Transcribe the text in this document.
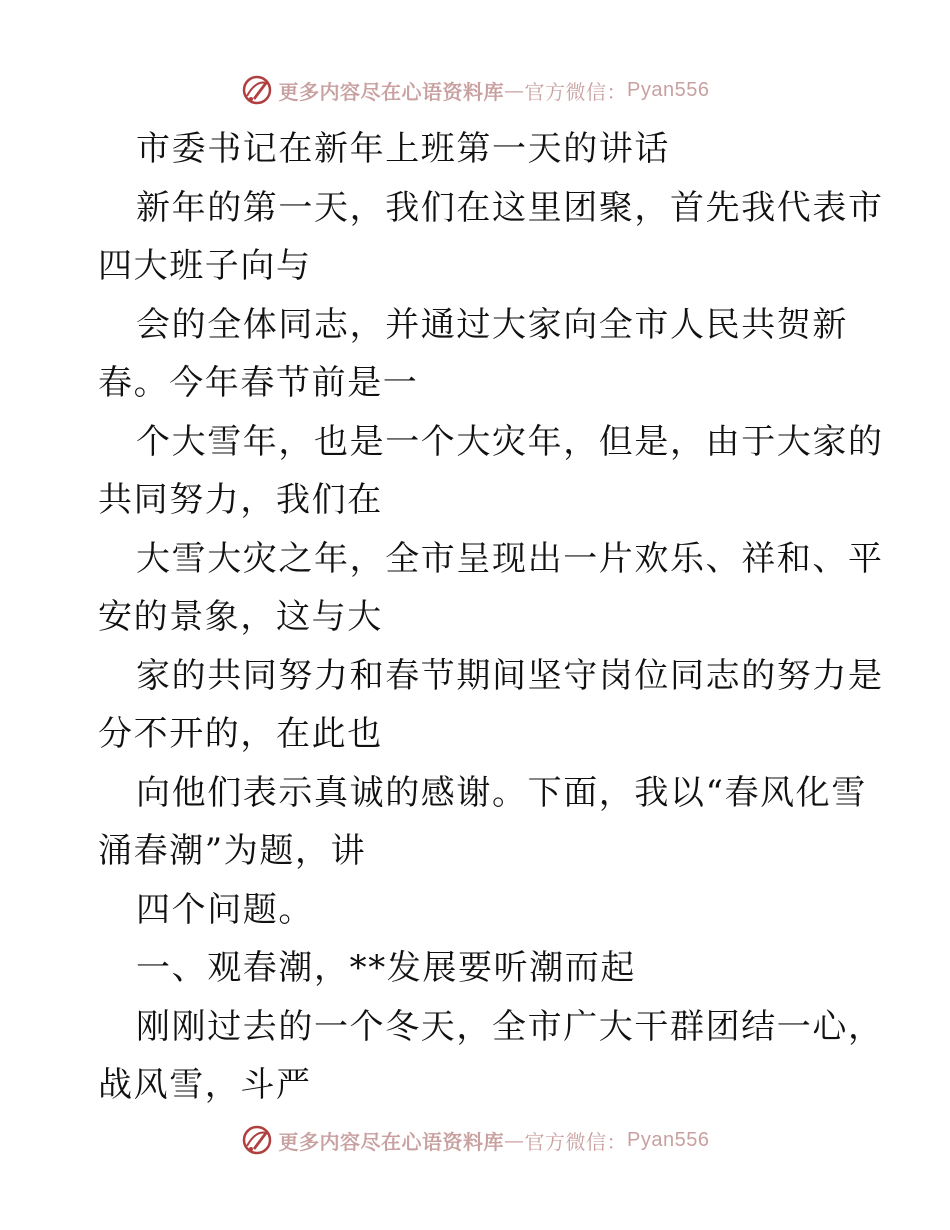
更多内容尽在心语资料库 — 官方微信： Pyan556
市委书记在新年上班第一天的讲话
新年的第一天，我们在这里团聚，首先我代表市
四大班子向与
会的全体同志，并通过大家向全市人民共贺新
春。今年春节前是一
个大雪年，也是一个大灾年，但是，由于大家的
共同努力，我们在
大雪大灾之年，全市呈现出一片欢乐、祥和、平
安的景象，这与大
家的共同努力和春节期间坚守岗位同志的努力是
分不开的，在此也
向他们表示真诚的感谢。下面，我以“春风化雪
涌春潮”为题，讲
四个问题。
一、观春潮，**发展要听潮而起
刚刚过去的一个冬天，全市广大干群团结一心，
战风雪，斗严
更多内容尽在心语资料库 — 官方微信： Pyan556
